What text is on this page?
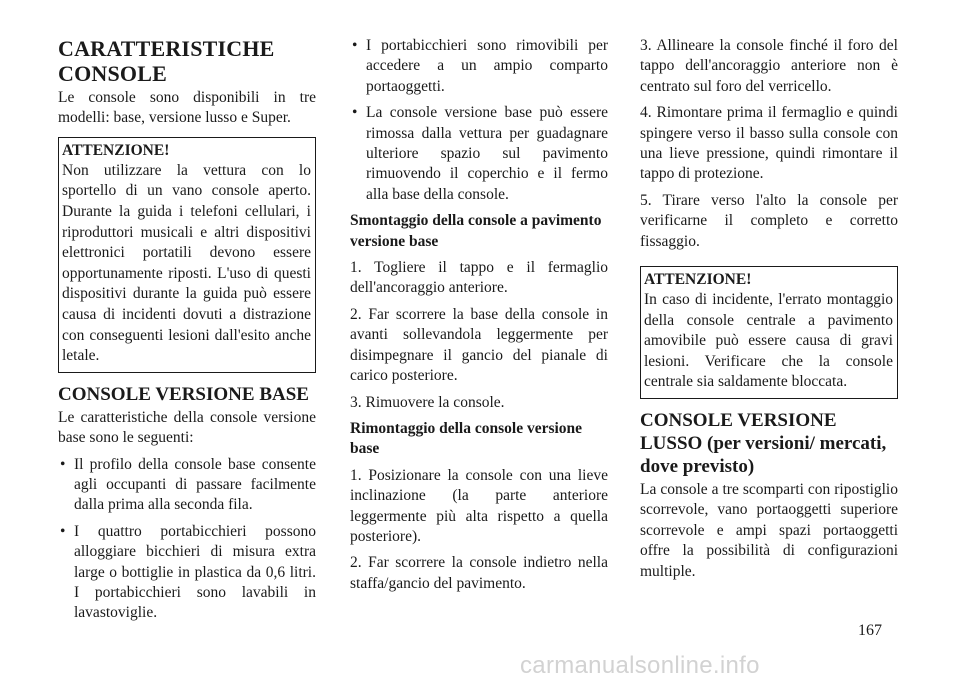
CARATTERISTICHE CONSOLE

Le console sono disponibili in tre modelli: base, versione lusso e Super.

ATTENZIONE!

Non utilizzare la vettura con lo sportello di un vano console aperto. Durante la guida i telefoni cellulari, i riproduttori musicali e altri dispositivi elettronici portatili devono essere opportunamente riposti. L'uso di questi dispositivi durante la guida può essere causa di incidenti dovuti a distrazione con conseguenti lesioni dall'esito anche letale.

CONSOLE VERSIONE BASE

Le caratteristiche della console versione base sono le seguenti:

• Il profilo della console base consente agli occupanti di passare facilmente dalla prima alla seconda fila.
• I quattro portabicchieri possono alloggiare bicchieri di misura extra large o bottiglie in plastica da 0,6 litri. I portabicchieri sono lavabili in lavastoviglie.
• I portabicchieri sono rimovibili per accedere a un ampio comparto portaoggetti.
• La console versione base può essere rimossa dalla vettura per guadagnare ulteriore spazio sul pavimento rimuovendo il coperchio e il fermo alla base della console.
Smontaggio della console a pavimento versione base

1. Togliere il tappo e il fermaglio dell'ancoraggio anteriore.

2. Far scorrere la base della console in avanti sollevandola leggermente per disimpegnare il gancio del pianale di carico posteriore.

3. Rimuovere la console.

Rimontaggio della console versione base

1. Posizionare la console con una lieve inclinazione (la parte anteriore leggermente più alta rispetto a quella posteriore).

2. Far scorrere la console indietro nella staffa/gancio del pavimento.

3. Allineare la console finché il foro del tappo dell'ancoraggio anteriore non è centrato sul foro del verricello.

4. Rimontare prima il fermaglio e quindi spingere verso il basso sulla console con una lieve pressione, quindi rimontare il tappo di protezione.

5. Tirare verso l'alto la console per verificarne il completo e corretto fissaggio.

ATTENZIONE!

In caso di incidente, l'errato montaggio della console centrale a pavimento amovibile può essere causa di gravi lesioni. Verificare che la console centrale sia saldamente bloccata.

CONSOLE VERSIONE LUSSO (per versioni/ mercati, dove previsto)

La console a tre scomparti con ripostiglio scorrevole, vano portaoggetti superiore scorrevole e ampi spazi portaoggetti offre la possibilità di configurazioni multiple.

167
carmanualsonline.info
